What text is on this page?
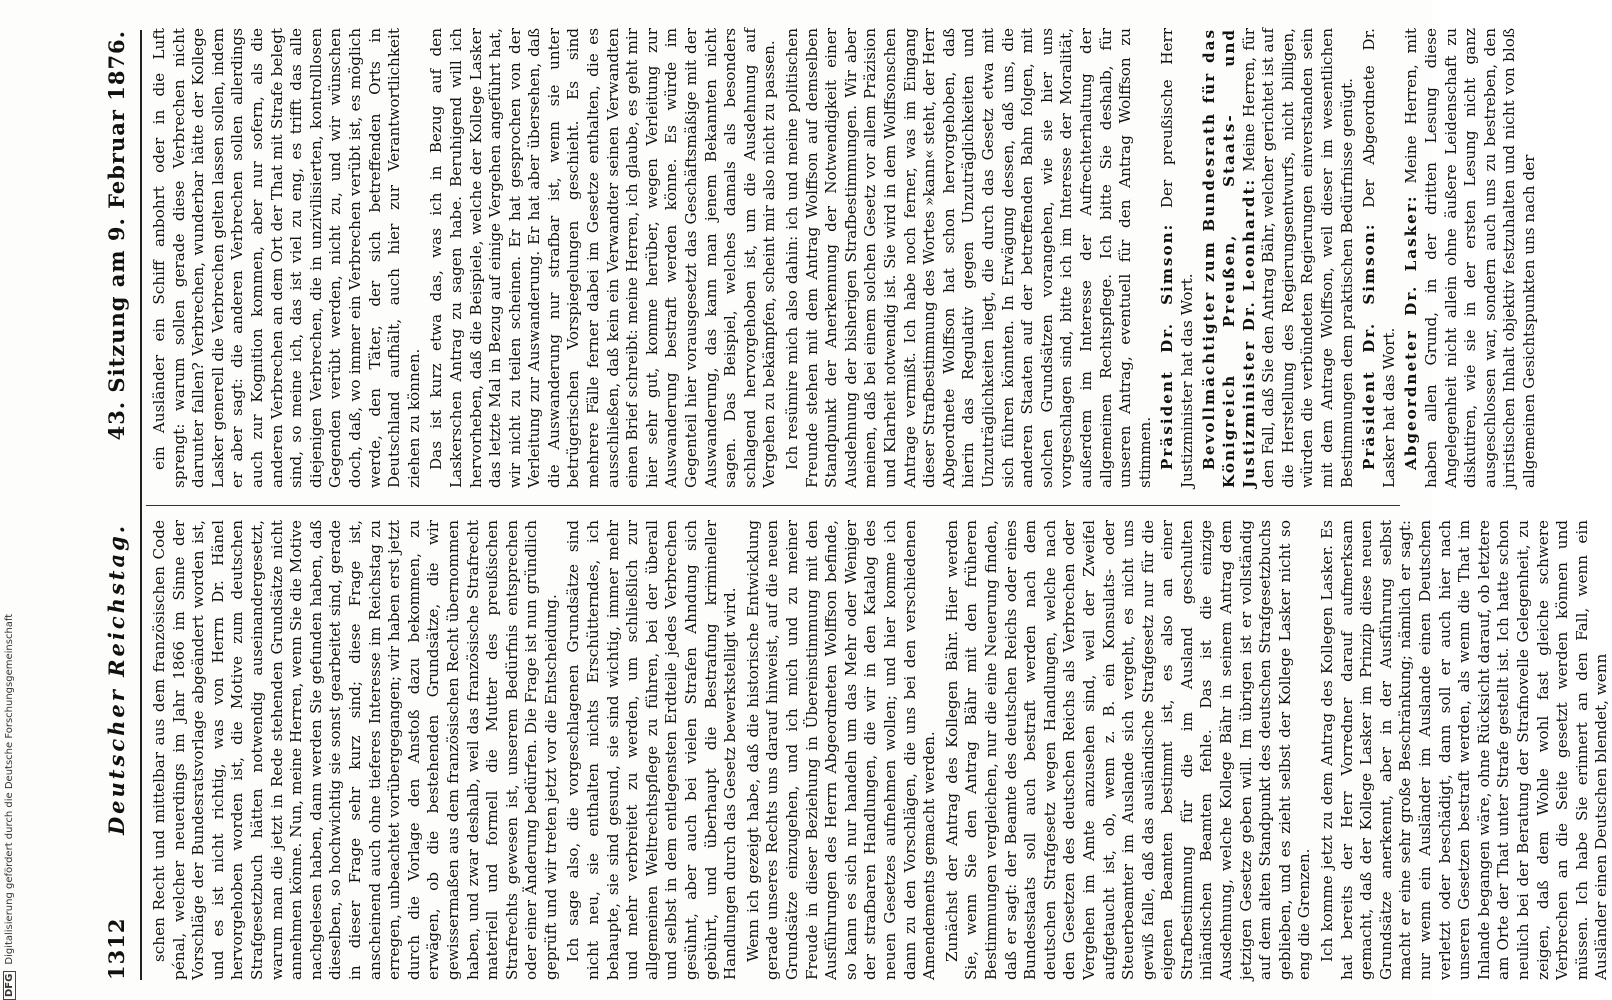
1312
Deutscher Reichstag.
43. Sitzung am 9. Februar 1876.

schen Recht und mittelbar aus dem französischen Code pénal, welcher neuerdings im Jahr 1866 im Sinne der Vorschläge der Bundesratsvorlage abgeändert worden ist, und es ist nicht richtig, was von Herrn Dr. Hänel hervorgehoben worden ist, die Motive zum deutschen Strafgesetzbuch hätten notwendig auseinandergesetzt, warum man die jetzt in Rede stehenden Grundsätze nicht annehmen könne. Nun, meine Herren, wenn Sie die Motive nachgelesen haben, dann werden Sie gefunden haben, daß dieselben, so hochwichtig sie sonst gearbeitet sind, gerade in dieser Frage sehr kurz sind; diese Frage ist, anscheinend auch ohne tieferes Interesse im Reichstag zu erregen, unbeachtet vorübergegangen; wir haben erst jetzt durch die Vorlage den Anstoß dazu bekommen, zu erwägen, ob die bestehenden Grundsätze, die wir gewissermaßen aus dem französischen Recht übernommen haben, und zwar deshalb, weil das französische Strafrecht materiell und formell die Mutter des preußischen Strafrechts gewesen ist, unserem Bedürfnis entsprechen oder einer Änderung bedürfen. Die Frage ist nun gründlich geprüft und wir treten jetzt vor die Entscheidung. Ich sage also, die vorgeschlagenen Grundsätze sind nicht neu, sie enthalten nichts Erschütterndes, ich behaupte, sie sind gesund, sie sind wichtig, immer mehr und mehr verbreitet zu werden, um schließlich zur allgemeinen Weltrechtspflege zu führen, bei der überall und selbst in dem entlegensten Erdteile jedes Verbrechen gesühnt, aber auch bei vielen Strafen Ahndung sich gebührt, und überhaupt die Bestrafung krimineller Handlungen durch das Gesetz bewerkstelligt wird. Wenn ich gezeigt habe, daß die historische Entwicklung gerade unseres Rechts uns darauf hinweist, auf die neuen Grundsätze einzugehen, und ich mich und zu meiner Freude in dieser Beziehung in Übereinstimmung mit den Ausführungen des Herrn Abgeordneten Wolffson befinde, so kann es sich nur handeln um das Mehr oder Weniger der strafbaren Handlungen, die wir in den Katalog des neuen Gesetzes aufnehmen wollen; und hier komme ich dann zu den Vorschlägen, die uns bei den verschiedenen Amendements gemacht werden. Zunächst der Antrag des Kollegen Bähr. Hier werden Sie, wenn Sie den Antrag Bähr mit den früheren Bestimmungen vergleichen, nur die eine Neuerung finden, daß er sagt: der Beamte des deutschen Reichs oder eines Bundesstaats soll auch bestraft werden nach dem deutschen Strafgesetz wegen Handlungen, welche nach den Gesetzen des deutschen Reichs als Verbrechen oder Vergehen im Amte anzusehen sind, weil der Zweifel aufgetaucht ist, ob, wenn z. B. ein Konsulats- oder Steuerbeamter im Auslande sich vergeht, es nicht uns gewiß falle, daß das ausländische Strafgesetz nur für die eigenen Beamten bestimmt ist, es also an einer Strafbestimmung für die im Ausland geschulten inländischen Beamten fehle. Das ist die einzige Ausdehnung, welche Kollege Bähr in seinem Antrag dem jetzigen Gesetze geben will. Im übrigen ist er vollständig auf dem alten Standpunkt des deutschen Strafgesetzbuchs geblieben, und es zieht selbst der Kollege Lasker nicht so eng die Grenzen. Ich komme jetzt zu dem Antrag des Kollegen Lasker. Es hat bereits der Herr Vorredner darauf aufmerksam gemacht, daß der Kollege Lasker im Prinzip diese neuen Grundsätze anerkennt, aber in der Ausführung selbst macht er eine sehr große Beschränkung; nämlich er sagt: nur wenn ein Ausländer im Auslande einen Deutschen verletzt oder beschädigt, dann soll er auch hier nach unseren Gesetzen bestraft werden, als wenn die That im Inlande begangen wäre, ohne Rücksicht darauf, ob letztere am Orte der That unter Strafe gestellt ist. Ich hatte schon neulich bei der Beratung der Strafnovelle Gelegenheit, zu zeigen, daß dem Wohle wohl fast gleiche schwere Verbrechen an die Seite gesetzt werden können und müssen. Ich habe Sie erinnert an den Fall, wenn ein Ausländer einen Deutschen blendet, wenn

ein Ausländer ein Schiff anbohrt oder in die Luft sprengt: warum sollen gerade diese Verbrechen nicht darunter fallen? Verbrechen, wunderbar hätte der Kollege Lasker generell die Verbrechen gelten lassen sollen, indem er aber sagt: die anderen Verbrechen sollen allerdings auch zur Kognition kommen, aber nur sofern, als die anderen Verbrechen an dem Ort der That mit Strafe belegt sind, so meine ich, das ist viel zu eng, es trifft das alle diejenigen Verbrechen, die in unzivilisierten, kontrolllosen Gegenden verübt werden, nicht zu, und wir wünschen doch, daß, wo immer ein Verbrechen verübt ist, es möglich werde, den Täter, der sich betreffenden Orts in Deutschland aufhält, auch hier zur Verantwortlichkeit ziehen zu können. Das ist kurz etwa das, was ich in Bezug auf den Laskerschen Antrag zu sagen habe. Beruhigend will ich hervorheben, daß die Beispiele, welche der Kollege Lasker das letzte Mal in Bezug auf einige Vergehen angeführt hat, wir nicht zu teilen scheinen. Er hat gesprochen von der Verleitung zur Auswanderung. Er hat aber übersehen, daß die Auswanderung nur strafbar ist, wenn sie unter betrügerischen Vorspiegelungen geschieht. Es sind mehrere Fälle ferner dabei im Gesetze enthalten, die es ausschließen, daß kein ein Verwandter seinen Verwandten einen Brief schreibt: meine Herren, ich glaube, es geht mir hier sehr gut, komme herüber, wegen Verleitung zur Auswanderung bestraft werden könne. Es würde im Gegenteil hier vorausgesetzt das Geschäftsmäßige mit der Auswanderung, das kann man jenem Bekannten nicht sagen. Das Beispiel, welches damals als besonders schlagend hervorgehoben ist, um die Ausdehnung auf Vergehen zu bekämpfen, scheint mir also nicht zu passen. Ich resümire mich also dahin: ich und meine politischen Freunde stehen mit dem Antrag Wolffson auf demselben Standpunkt der Anerkennung der Notwendigkeit einer Ausdehnung der bisherigen Strafbestimmungen. Wir aber meinen, daß bei einem solchen Gesetz vor allem Präzision und Klarheit notwendig ist. Sie wird in dem Wolffsonschen Antrage vermißt. Ich habe noch ferner, was im Eingang dieser Strafbestimmung des Wortes »kann« steht, der Herr Abgeordnete Wolffson hat schon hervorgehoben, daß hierin das Regulativ gegen Unzuträglichkeiten und Unzuträglichkeiten liegt, die durch das Gesetz etwa mit sich führen könnten. In Erwägung dessen, daß uns, die anderen Staaten auf der betreffenden Bahn folgen, mit solchen Grundsätzen vorangehen, wie sie hier uns vorgeschlagen sind, bitte ich im Interesse der Moralität, außerdem im Interesse der Aufrechterhaltung der allgemeinen Rechtspflege. Ich bitte Sie deshalb, für unseren Antrag, eventuell für den Antrag Wolffson zu stimmen. Präsident Dr. Simson: Der preußische Herr Justizminister hat das Wort. Bevollmächtigter zum Bundesrath für das Königreich Preußen, Staats- und Justizminister Dr. Leonhardt: Meine Herren, für den Fall, daß Sie den Antrag Bähr, welcher gerichtet ist auf die Herstellung des Regierungsentwurfs, nicht billigen, würden die verbündeten Regierungen einverstanden sein mit dem Antrage Wolffson, weil dieser im wesentlichen Bestimmungen dem praktischen Bedürfnisse genügt. Präsident Dr. Simson: Der Abgeordnete Dr. Lasker hat das Wort. Abgeordneter Dr. Lasker: Meine Herren, mit haben allen Grund, in der dritten Lesung diese Angelegenheit nicht allein ohne äußere Leidenschaft zu diskutiren, wie sie in der ersten Lesung nicht ganz ausgeschlossen war, sondern auch uns zu bestreben, den juristischen Inhalt objektiv festzuhalten und nicht von bloß allgemeinen Gesichtspunkten uns nach der

DFGDigitalisierung gefördert durch die Deutsche Forschungsgemeinschaft
